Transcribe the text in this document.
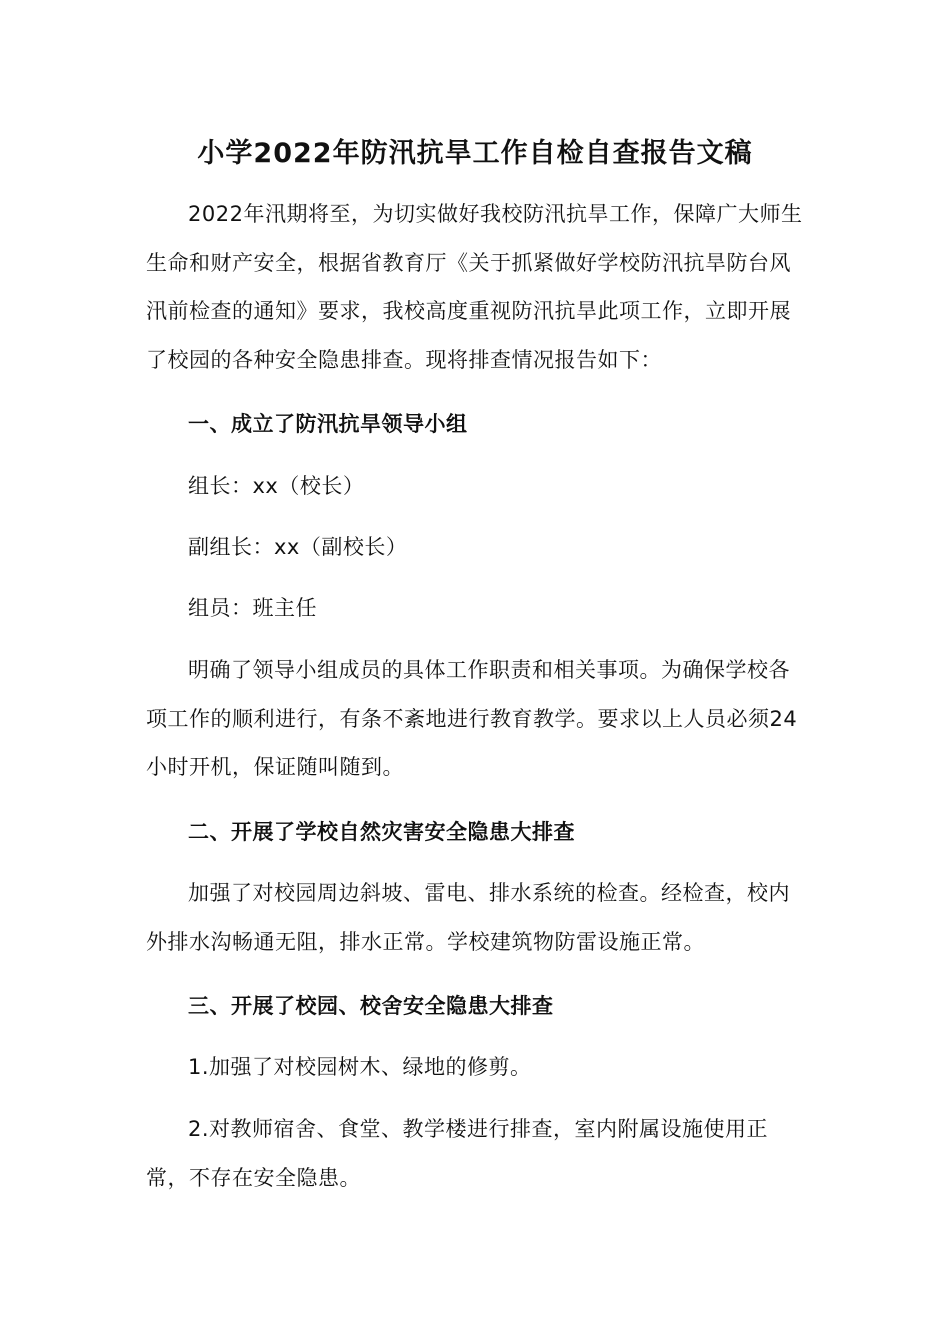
小学2022年防汛抗旱工作自检自查报告文稿

2022年汛期将至，为切实做好我校防汛抗旱工作，保障广大师生生命和财产安全，根据省教育厅《关于抓紧做好学校防汛抗旱防台风汛前检查的通知》要求，我校高度重视防汛抗旱此项工作，立即开展了校园的各种安全隐患排查。现将排查情况报告如下：

一、成立了防汛抗旱领导小组
组长：xx（校长）
副组长：xx（副校长）
组员：班主任

明确了领导小组成员的具体工作职责和相关事项。为确保学校各项工作的顺利进行，有条不紊地进行教育教学。要求以上人员必须24小时开机，保证随叫随到。

二、开展了学校自然灾害安全隐患大排查

加强了对校园周边斜坡、雷电、排水系统的检查。经检查，校内外排水沟畅通无阻，排水正常。学校建筑物防雷设施正常。

三、开展了校园、校舍安全隐患大排查
1.加强了对校园树木、绿地的修剪。

2.对教师宿舍、食堂、教学楼进行排查，室内附属设施使用正常，不存在安全隐患。
